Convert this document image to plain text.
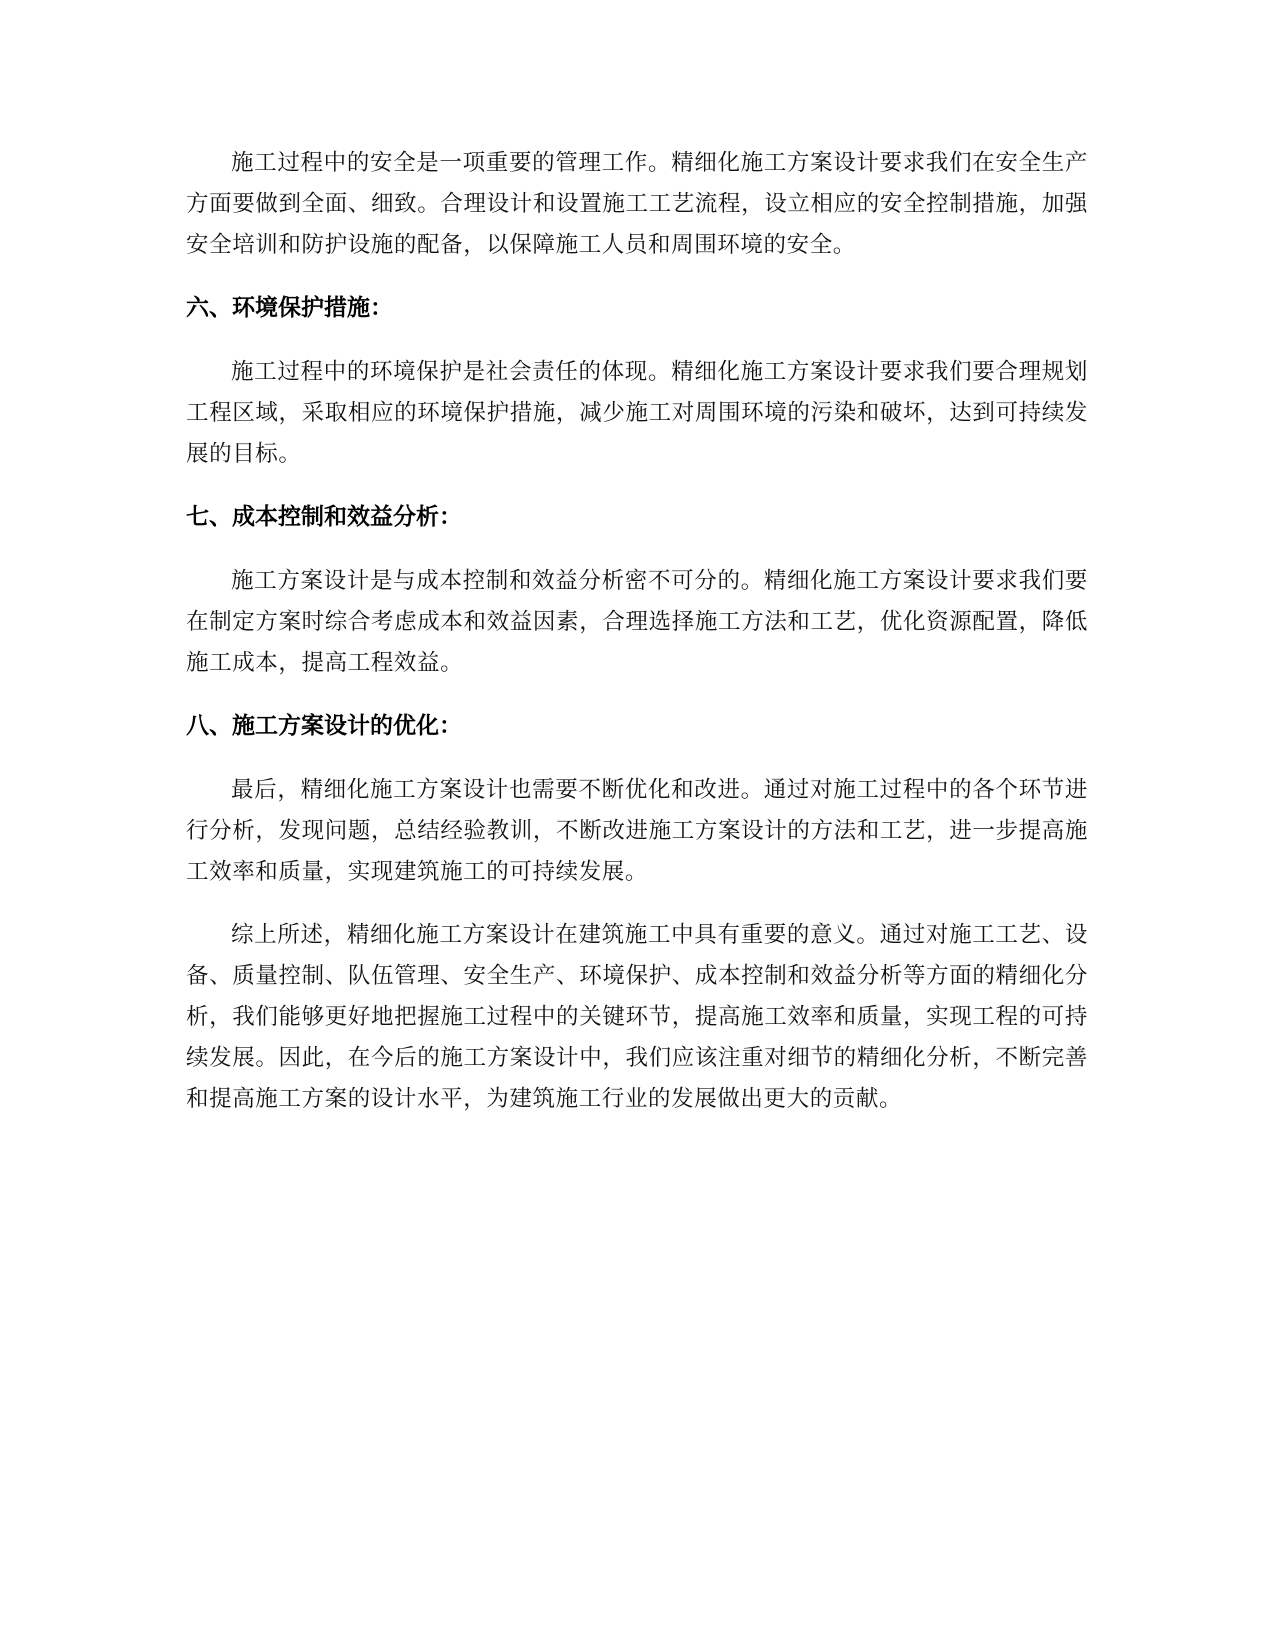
施工过程中的安全是一项重要的管理工作。精细化施工方案设计要求我们在安全生产方面要做到全面、细致。合理设计和设置施工工艺流程，设立相应的安全控制措施，加强安全培训和防护设施的配备，以保障施工人员和周围环境的安全。

六、环境保护措施：

施工过程中的环境保护是社会责任的体现。精细化施工方案设计要求我们要合理规划工程区域，采取相应的环境保护措施，减少施工对周围环境的污染和破坏，达到可持续发展的目标。

七、成本控制和效益分析：

施工方案设计是与成本控制和效益分析密不可分的。精细化施工方案设计要求我们要在制定方案时综合考虑成本和效益因素，合理选择施工方法和工艺，优化资源配置，降低施工成本，提高工程效益。

八、施工方案设计的优化：

最后，精细化施工方案设计也需要不断优化和改进。通过对施工过程中的各个环节进行分析，发现问题，总结经验教训，不断改进施工方案设计的方法和工艺，进一步提高施工效率和质量，实现建筑施工的可持续发展。

综上所述，精细化施工方案设计在建筑施工中具有重要的意义。通过对施工工艺、设备、质量控制、队伍管理、安全生产、环境保护、成本控制和效益分析等方面的精细化分析，我们能够更好地把握施工过程中的关键环节，提高施工效率和质量，实现工程的可持续发展。因此，在今后的施工方案设计中，我们应该注重对细节的精细化分析，不断完善和提高施工方案的设计水平，为建筑施工行业的发展做出更大的贡献。
